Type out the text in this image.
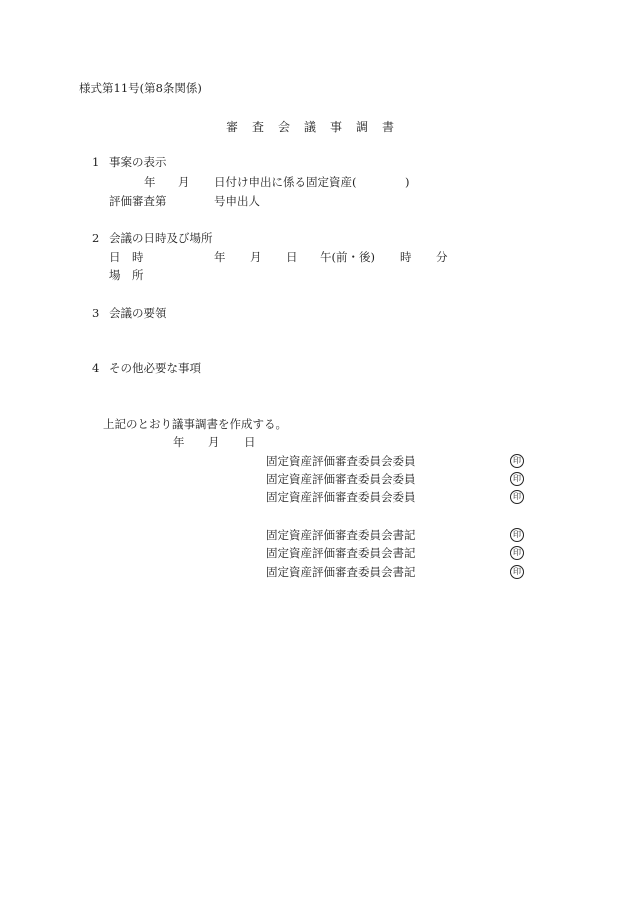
様式第11号(第8条関係)
審 査 会 議 事 調 書
1 事案の表示
年 月 日付け申出に係る固定資産(	)
評価審査第	号申出人
2 会議の日時及び場所
日　時	年 月 日 午(前・後) 時 分
場　所
3 会議の要領
4 その他必要な事項
上記のとおり議事調書を作成する。
年 月 日
固定資産評価審査委員会委員	印
固定資産評価審査委員会委員	印
固定資産評価審査委員会委員	印
固定資産評価審査委員会書記	印
固定資産評価審査委員会書記	印
固定資産評価審査委員会書記	印
